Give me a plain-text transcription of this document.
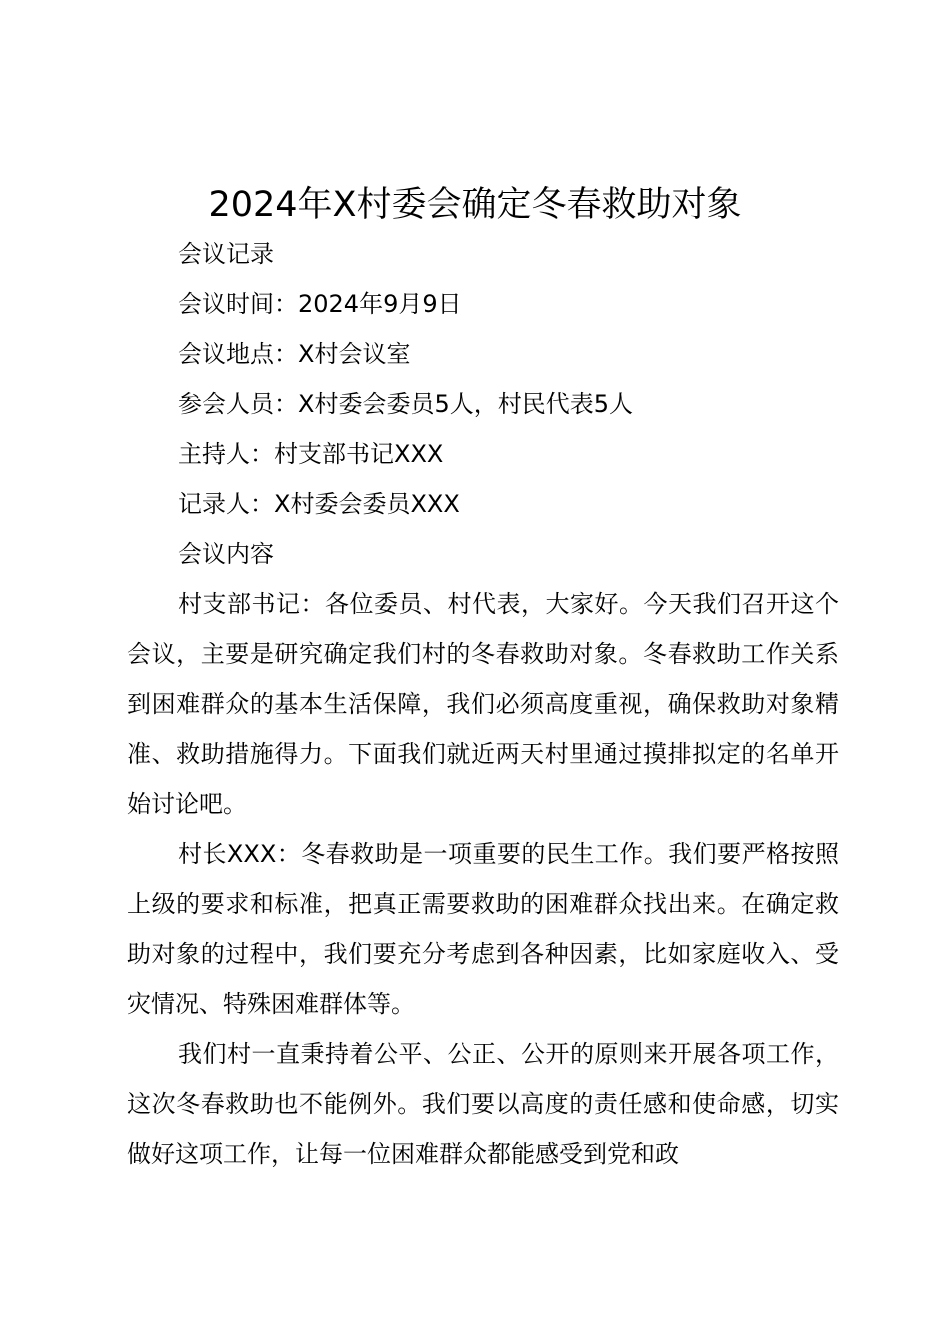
2024年X村委会确定冬春救助对象
会议记录
会议时间：2024年9月9日
会议地点：X村会议室
参会人员：X村委会委员5人，村民代表5人
主持人：村支部书记XXX
记录人：X村委会委员XXX
会议内容

村支部书记：各位委员、村代表，大家好。今天我们召开这个会议，主要是研究确定我们村的冬春救助对象。冬春救助工作关系到困难群众的基本生活保障，我们必须高度重视，确保救助对象精准、救助措施得力。下面我们就近两天村里通过摸排拟定的名单开始讨论吧。

村长XXX：冬春救助是一项重要的民生工作。我们要严格按照上级的要求和标准，把真正需要救助的困难群众找出来。在确定救助对象的过程中，我们要充分考虑到各种因素，比如家庭收入、受灾情况、特殊困难群体等。

我们村一直秉持着公平、公正、公开的原则来开展各项工作，这次冬春救助也不能例外。我们要以高度的责任感和使命感，切实做好这项工作，让每一位困难群众都能感受到党和政
